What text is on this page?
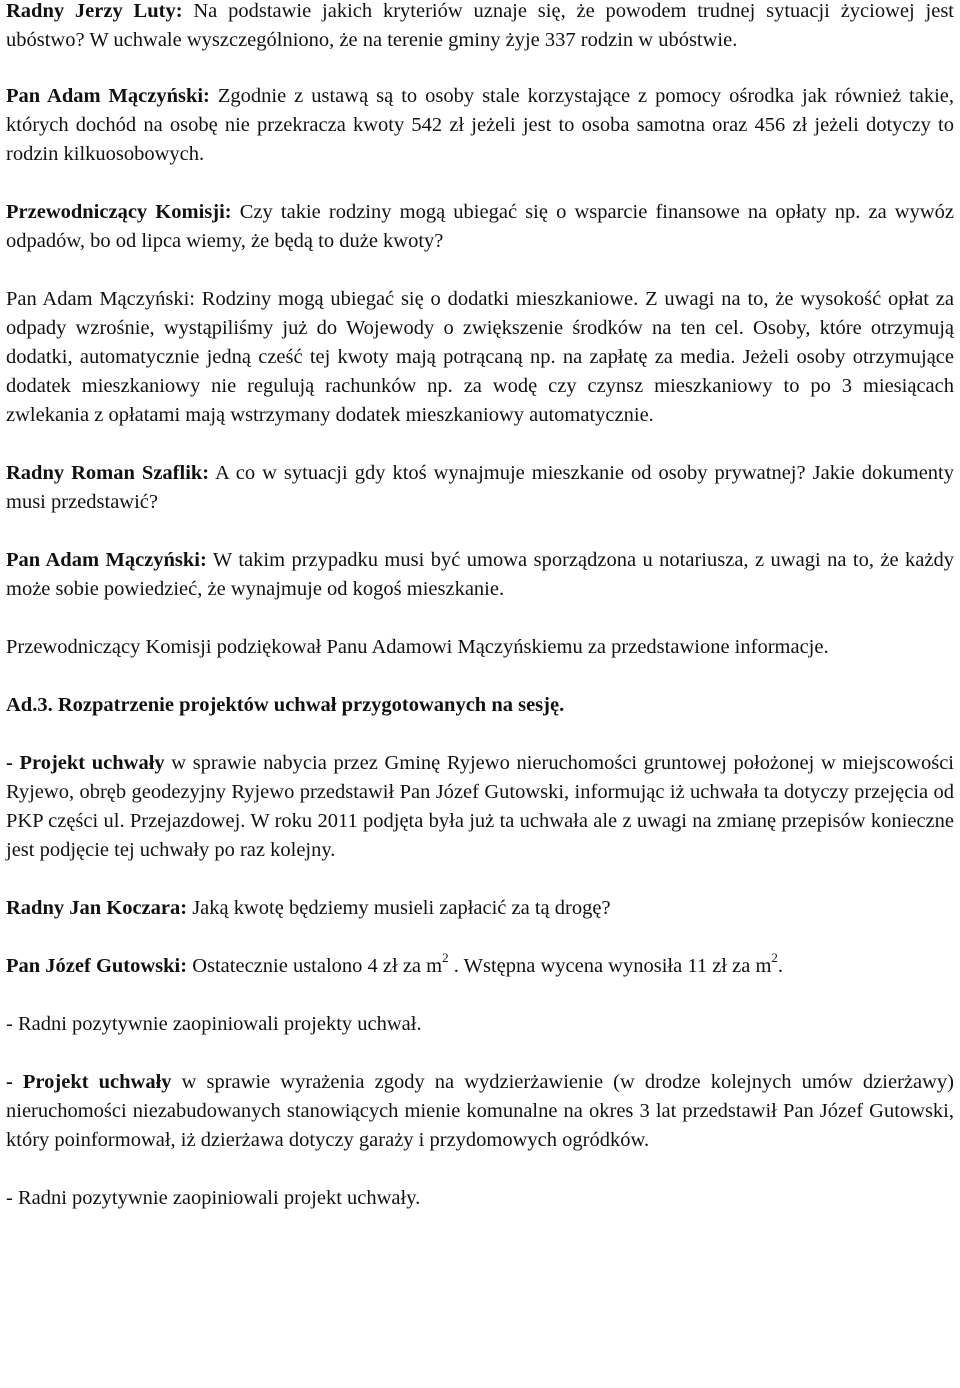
Radny Jerzy Luty: Na podstawie jakich kryteriów uznaje się, że powodem trudnej sytuacji życiowej jest ubóstwo? W uchwale wyszczególniono, że na terenie gminy żyje 337 rodzin w ubóstwie.

Pan Adam Mączyński: Zgodnie z ustawą są to osoby stale korzystające z pomocy ośrodka jak również takie, których dochód na osobę nie przekracza kwoty 542 zł jeżeli jest to osoba samotna oraz 456 zł jeżeli dotyczy to rodzin kilkuosobowych.

Przewodniczący Komisji: Czy takie rodziny mogą ubiegać się o wsparcie finansowe na opłaty np. za wywóz odpadów, bo od lipca wiemy, że będą to duże kwoty?

Pan Adam Mączyński: Rodziny mogą ubiegać się o dodatki mieszkaniowe. Z uwagi na to, że wysokość opłat za odpady wzrośnie, wystąpiliśmy już do Wojewody o zwiększenie środków na ten cel. Osoby, które otrzymują dodatki, automatycznie jedną cześć tej kwoty mają potrącaną np. na zapłatę za media. Jeżeli osoby otrzymujące dodatek mieszkaniowy nie regulują rachunków np. za wodę czy czynsz mieszkaniowy to po 3 miesiącach zwlekania z opłatami mają wstrzymany dodatek mieszkaniowy automatycznie.

Radny Roman Szaflik: A co w sytuacji gdy ktoś wynajmuje mieszkanie od osoby prywatnej? Jakie dokumenty musi przedstawić?

Pan Adam Mączyński: W takim przypadku musi być umowa sporządzona u notariusza, z uwagi na to, że każdy może sobie powiedzieć, że wynajmuje od kogoś mieszkanie.

Przewodniczący Komisji podziękował Panu Adamowi Mączyńskiemu za przedstawione informacje.

Ad.3. Rozpatrzenie projektów uchwał przygotowanych na sesję.

- Projekt uchwały w sprawie nabycia przez Gminę Ryjewo nieruchomości gruntowej położonej w miejscowości Ryjewo, obręb geodezyjny Ryjewo przedstawił Pan Józef Gutowski, informując iż uchwała ta dotyczy przejęcia od PKP części ul. Przejazdowej. W roku 2011 podjęta była już ta uchwała ale z uwagi na zmianę przepisów konieczne jest podjęcie tej uchwały po raz kolejny.

Radny Jan Koczara: Jaką kwotę będziemy musieli zapłacić za tą drogę?

Pan Józef Gutowski: Ostatecznie ustalono 4 zł za $m^2$ . Wstępna wycena wynosiła 11 zł za $m^2$.

- Radni pozytywnie zaopiniowali projekty uchwał.

- Projekt uchwały w sprawie wyrażenia zgody na wydzierżawienie (w drodze kolejnych umów dzierżawy) nieruchomości niezabudowanych stanowiących mienie komunalne na okres 3 lat przedstawił Pan Józef Gutowski, który poinformował, iż dzierżawa dotyczy garaży i przydomowych ogródków.

- Radni pozytywnie zaopiniowali projekt uchwały.
